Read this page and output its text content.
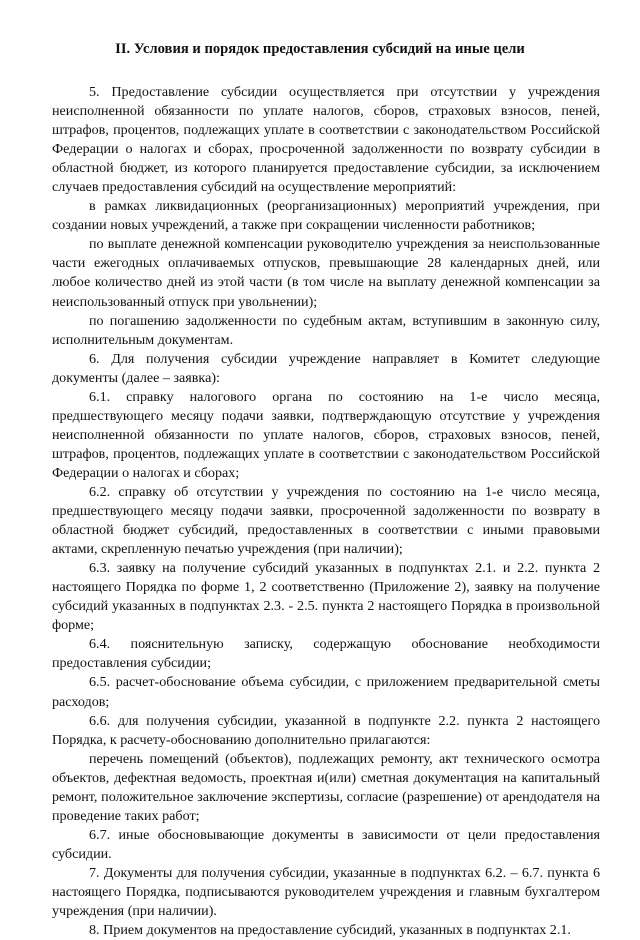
II. Условия и порядок предоставления субсидий на иные цели

5. Предоставление субсидии осуществляется при отсутствии у учреждения неисполненной обязанности по уплате налогов, сборов, страховых взносов, пеней, штрафов, процентов, подлежащих уплате в соответствии с законодательством Российской Федерации о налогах и сборах, просроченной задолженности по возврату субсидии в областной бюджет, из которого планируется предоставление субсидии, за исключением случаев предоставления субсидий на осуществление мероприятий:

в рамках ликвидационных (реорганизационных) мероприятий учреждения, при создании новых учреждений, а также при сокращении численности работников;

по выплате денежной компенсации руководителю учреждения за неиспользованные части ежегодных оплачиваемых отпусков, превышающие 28 календарных дней, или любое количество дней из этой части (в том числе на выплату денежной компенсации за неиспользованный отпуск при увольнении);

по погашению задолженности по судебным актам, вступившим в законную силу, исполнительным документам.

6. Для получения субсидии учреждение направляет в Комитет следующие документы (далее – заявка):

6.1. справку налогового органа по состоянию на 1-е число месяца, предшествующего месяцу подачи заявки, подтверждающую отсутствие у учреждения неисполненной обязанности по уплате налогов, сборов, страховых взносов, пеней, штрафов, процентов, подлежащих уплате в соответствии с законодательством Российской Федерации о налогах и сборах;

6.2. справку об отсутствии у учреждения по состоянию на 1-е число месяца, предшествующего месяцу подачи заявки, просроченной задолженности по возврату в областной бюджет субсидий, предоставленных в соответствии с иными правовыми актами, скрепленную печатью учреждения (при наличии);

6.3. заявку на получение субсидий указанных в подпунктах 2.1. и 2.2. пункта 2 настоящего Порядка по форме 1, 2 соответственно (Приложение 2), заявку на получение субсидий указанных в подпунктах 2.3. - 2.5. пункта 2 настоящего Порядка в произвольной форме;

6.4. пояснительную записку, содержащую обоснование необходимости предоставления субсидии;

6.5. расчет-обоснование объема субсидии, с приложением предварительной сметы расходов;

6.6. для получения субсидии, указанной в подпункте 2.2. пункта 2 настоящего Порядка, к расчету-обоснованию дополнительно прилагаются:

перечень помещений (объектов), подлежащих ремонту, акт технического осмотра объектов, дефектная ведомость, проектная и(или) сметная документация на капитальный ремонт, положительное заключение экспертизы, согласие (разрешение) от арендодателя на проведение таких работ;

6.7. иные обосновывающие документы в зависимости от цели предоставления субсидии.

7. Документы для получения субсидии, указанные в подпунктах 6.2. – 6.7. пункта 6 настоящего Порядка, подписываются руководителем учреждения и главным бухгалтером учреждения (при наличии).

8. Прием документов на предоставление субсидий, указанных в подпунктах 2.1.
